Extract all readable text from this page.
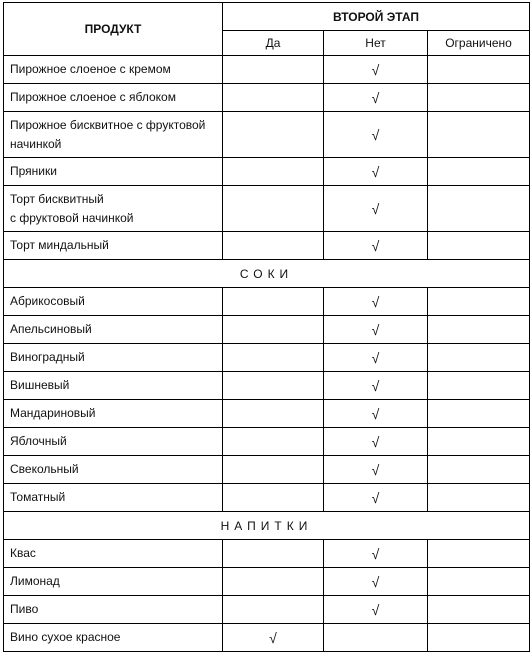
ПРОДУКТ	ВТОРОЙ ЭТАП		
	Да	Нет	Ограничено
Пирожное слоеное с кремом		√	
Пирожное слоеное с яблоком		√	
Пирожное бисквитное с фруктовой начинкой		√	
Пряники		√	
Торт бисквитный
с фруктовой начинкой		√	
Торт миндальный		√	
СОКИ			
Абрикосовый		√	
Апельсиновый		√	
Виноградный		√	
Вишневый		√	
Мандариновый		√	
Яблочный		√	
Свекольный		√	
Томатный		√	
НАПИТКИ			
Квас		√	
Лимонад		√	
Пиво		√	
Вино сухое красное	√		
